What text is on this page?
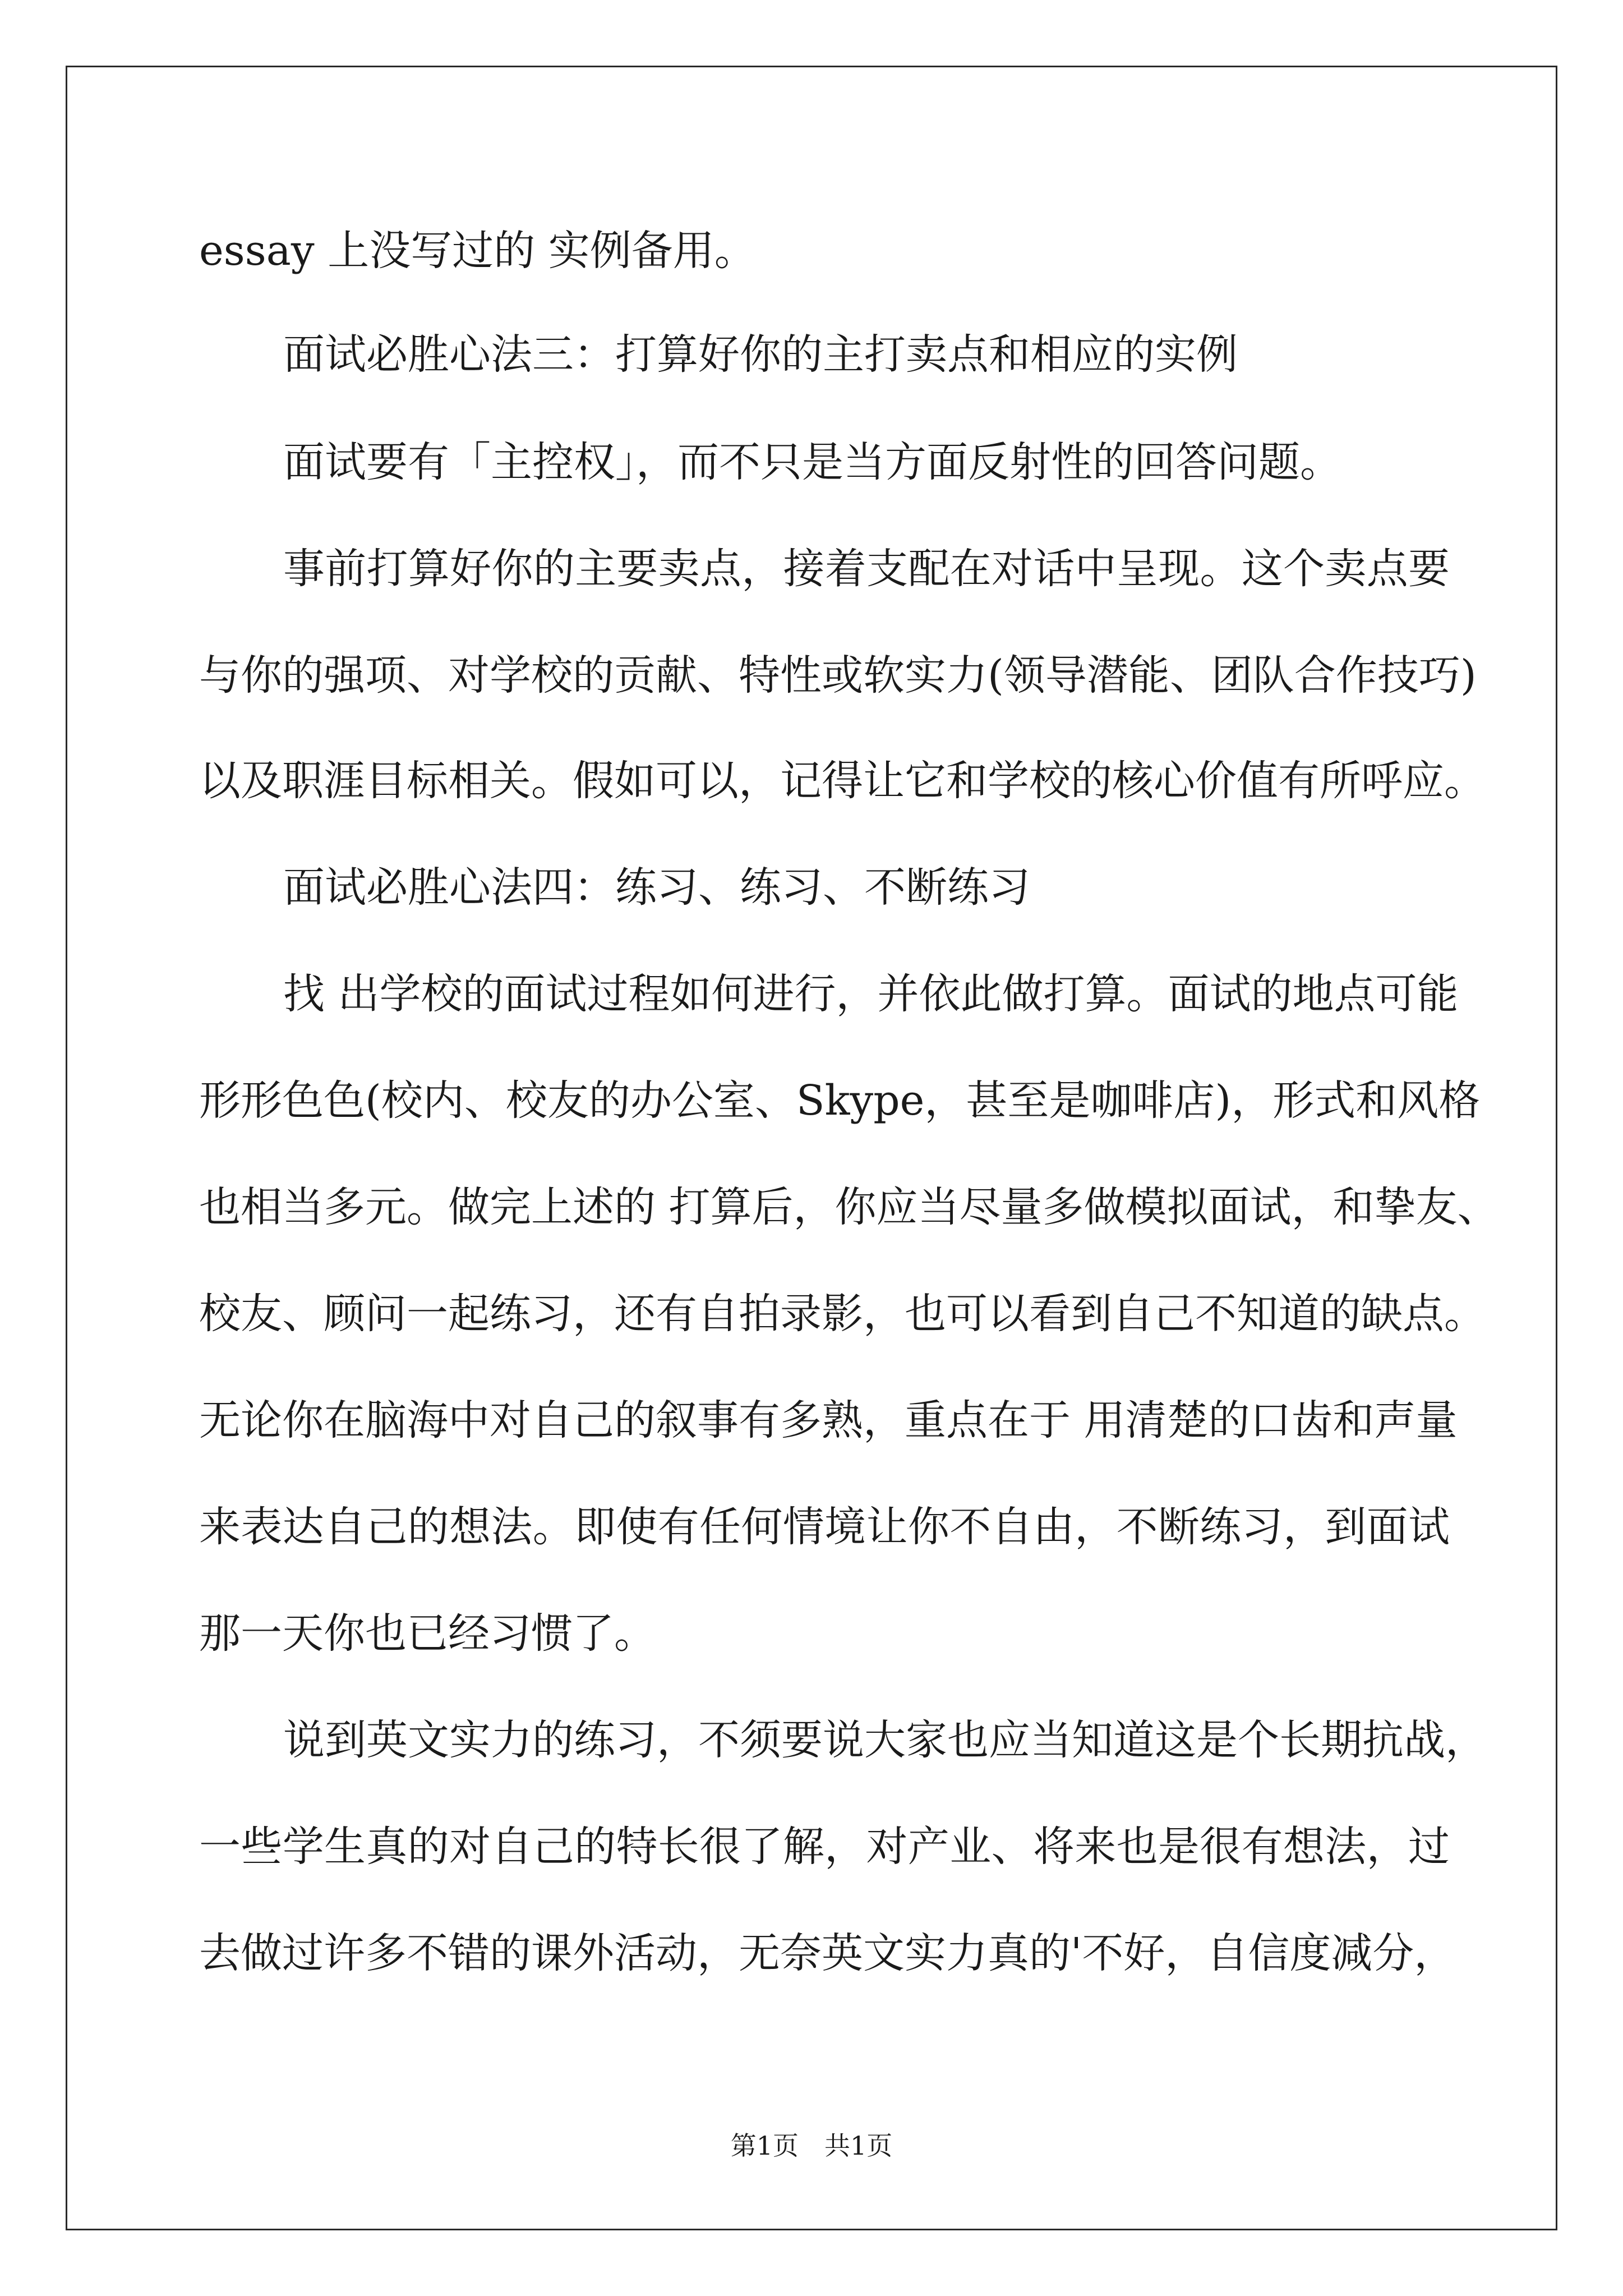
essay 上没写过的 实例备用。
面试必胜心法三：打算好你的主打卖点和相应的实例
面试要有「主控权」，而不只是当方面反射性的回答问题。
事前打算好你的主要卖点，接着支配在对话中呈现。这个卖点要
与你的强项、对学校的贡献、特性或软实力(领导潜能、团队合作技巧)
以及职涯目标相关。假如可以，记得让它和学校的核心价值有所呼应。
面试必胜心法四：练习、练习、不断练习
找 出学校的面试过程如何进行，并依此做打算。面试的地点可能
形形色色(校内、校友的办公室、Skype，甚至是咖啡店)，形式和风格
也相当多元。做完上述的 打算后，你应当尽量多做模拟面试，和挚友、
校友、顾问一起练习，还有自拍录影，也可以看到自己不知道的缺点。
无论你在脑海中对自己的叙事有多熟，重点在于 用清楚的口齿和声量
来表达自己的想法。即使有任何情境让你不自由，不断练习，到面试
那一天你也已经习惯了。
说到英文实力的练习，不须要说大家也应当知道这是个长期抗战，
一些学生真的对自己的特长很了解，对产业、将来也是很有想法，过
去做过许多不错的课外活动，无奈英文实力真的'不好，自信度减分，
第1页　共1页
